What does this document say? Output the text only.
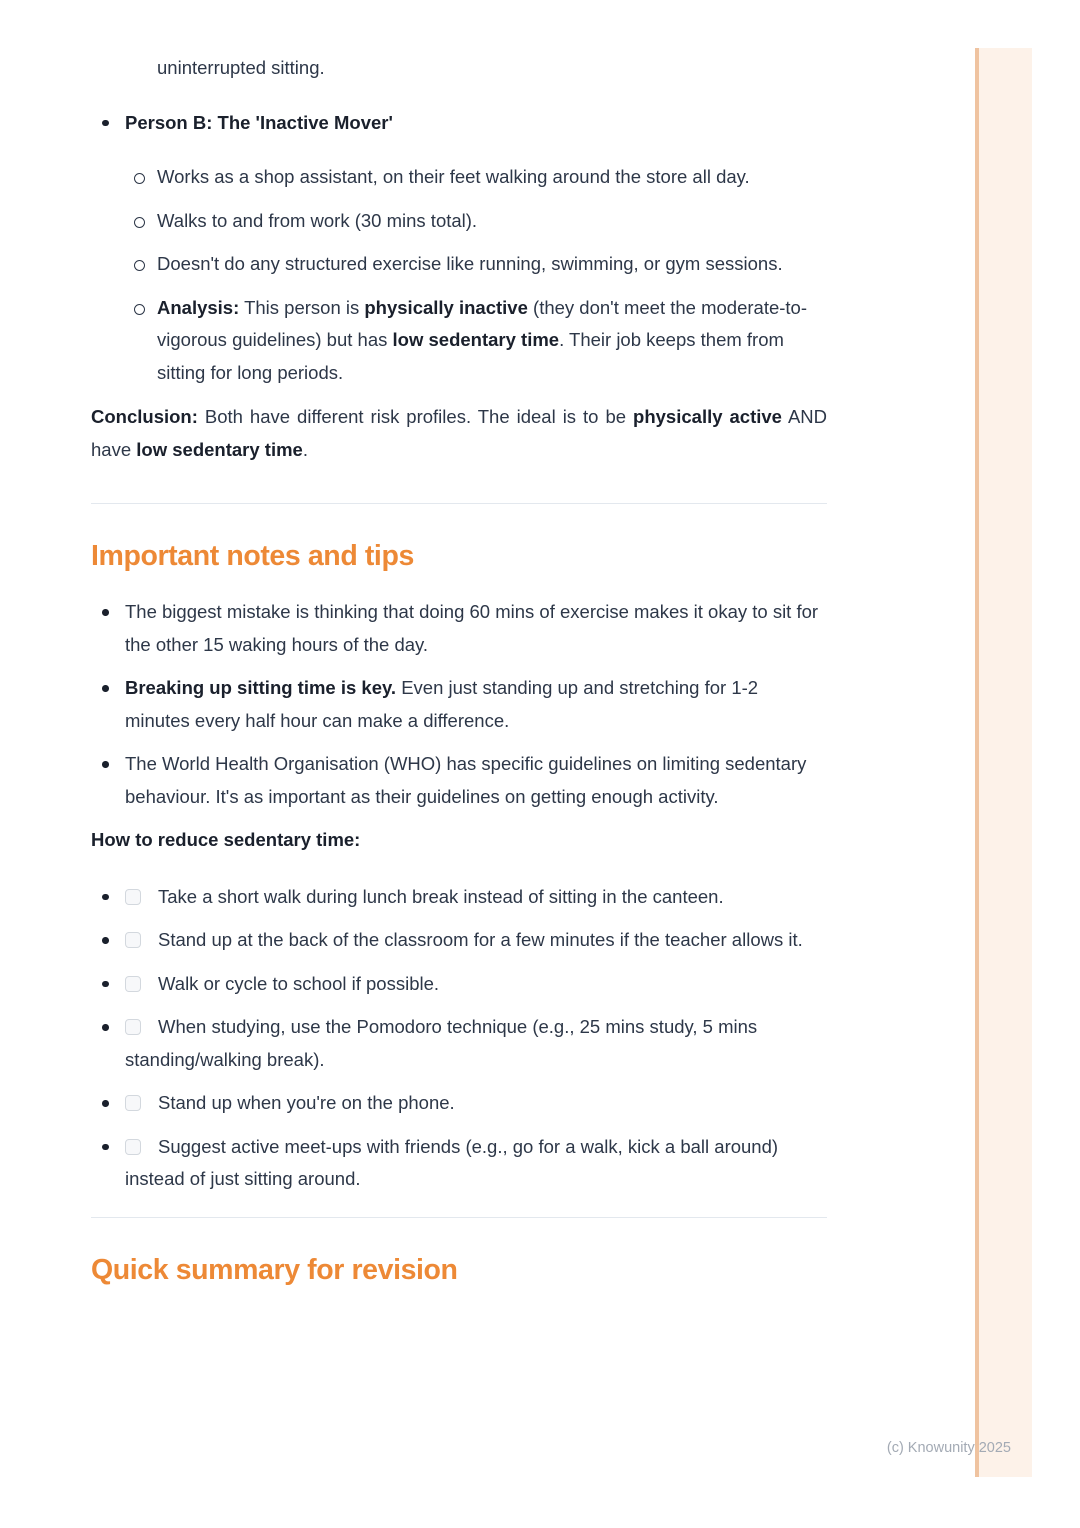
uninterrupted sitting.

Person B: The 'Inactive Mover'
Works as a shop assistant, on their feet walking around the store all day.
Walks to and from work (30 mins total).
Doesn't do any structured exercise like running, swimming, or gym sessions.
Analysis: This person is physically inactive (they don't meet the moderate-to-vigorous guidelines) but has low sedentary time. Their job keeps them from sitting for long periods.

Conclusion: Both have different risk profiles. The ideal is to be physically active AND have low sedentary time.

Important notes and tips
The biggest mistake is thinking that doing 60 mins of exercise makes it okay to sit for the other 15 waking hours of the day.
Breaking up sitting time is key. Even just standing up and stretching for 1-2 minutes every half hour can make a difference.
The World Health Organisation (WHO) has specific guidelines on limiting sedentary behaviour. It's as important as their guidelines on getting enough activity.

How to reduce sedentary time:

Take a short walk during lunch break instead of sitting in the canteen.
Stand up at the back of the classroom for a few minutes if the teacher allows it.
Walk or cycle to school if possible.
When studying, use the Pomodoro technique (e.g., 25 mins study, 5 mins standing/walking break).
Stand up when you're on the phone.
Suggest active meet-ups with friends (e.g., go for a walk, kick a ball around) instead of just sitting around.
Quick summary for revision
(c) Knowunity 2025
